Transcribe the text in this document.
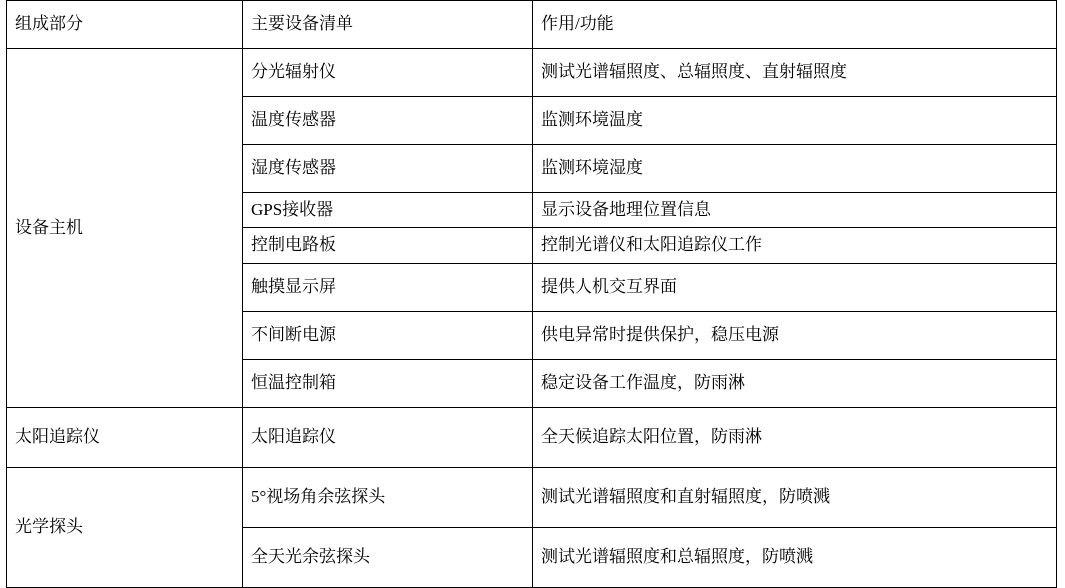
组成部分	主要设备清单	作用/功能
设备主机	分光辐射仪	测试光谱辐照度、总辐照度、直射辐照度
	温度传感器	监测环境温度
	湿度传感器	监测环境湿度
	GPS接收器	显示设备地理位置信息
	控制电路板	控制光谱仪和太阳追踪仪工作
	触摸显示屏	提供人机交互界面
	不间断电源	供电异常时提供保护，稳压电源
	恒温控制箱	稳定设备工作温度，防雨淋
太阳追踪仪	太阳追踪仪	全天候追踪太阳位置，防雨淋
光学探头	5°视场角余弦探头	测试光谱辐照度和直射辐照度，防喷溅
	全天光余弦探头	测试光谱辐照度和总辐照度，防喷溅
